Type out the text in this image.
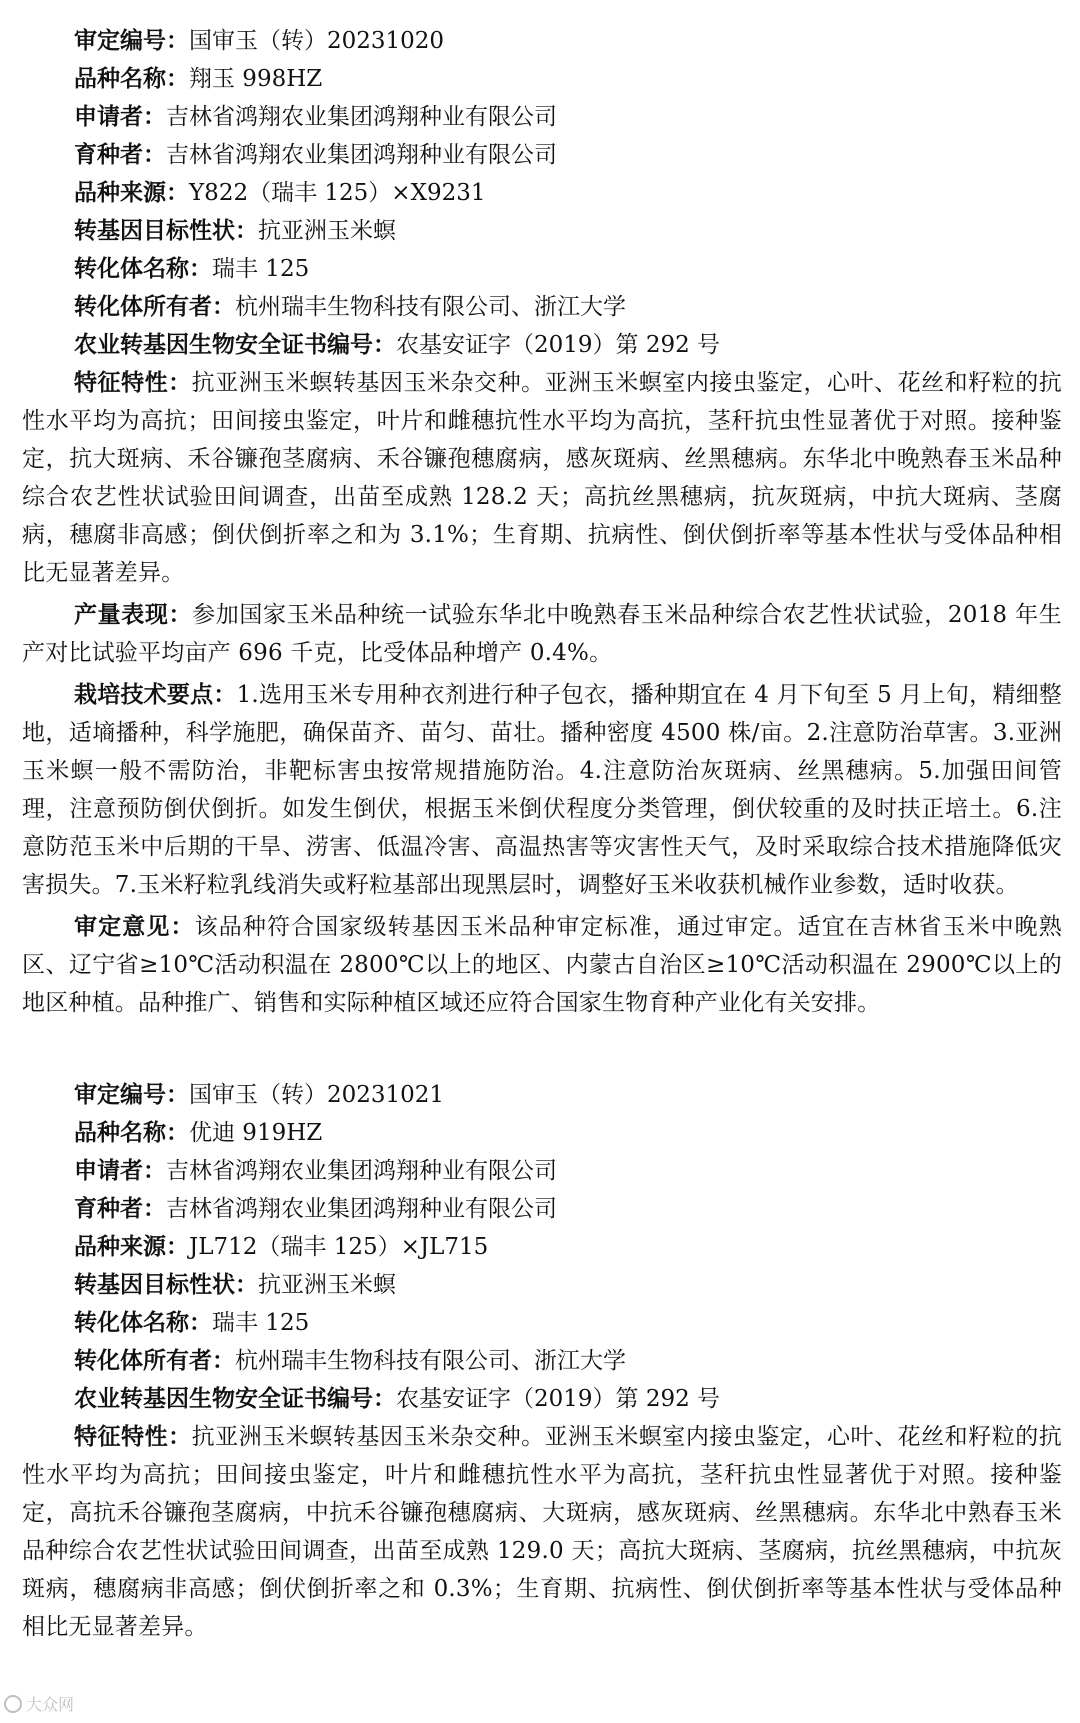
审定编号：国审玉（转）20231020
品种名称：翔玉 998HZ
申请者：吉林省鸿翔农业集团鸿翔种业有限公司
育种者：吉林省鸿翔农业集团鸿翔种业有限公司
品种来源：Y822（瑞丰 125）×X9231
转基因目标性状：抗亚洲玉米螟
转化体名称：瑞丰 125
转化体所有者：杭州瑞丰生物科技有限公司、浙江大学
农业转基因生物安全证书编号：农基安证字（2019）第 292 号

特征特性：抗亚洲玉米螟转基因玉米杂交种。亚洲玉米螟室内接虫鉴定，心叶、花丝和籽粒的抗性水平均为高抗；田间接虫鉴定，叶片和雌穗抗性水平均为高抗，茎秆抗虫性显著优于对照。接种鉴定，抗大斑病、禾谷镰孢茎腐病、禾谷镰孢穗腐病，感灰斑病、丝黑穗病。东华北中晚熟春玉米品种综合农艺性状试验田间调查，出苗至成熟 128.2 天；高抗丝黑穗病，抗灰斑病，中抗大斑病、茎腐病，穗腐非高感；倒伏倒折率之和为 3.1%；生育期、抗病性、倒伏倒折率等基本性状与受体品种相比无显著差异。

产量表现：参加国家玉米品种统一试验东华北中晚熟春玉米品种综合农艺性状试验，2018 年生产对比试验平均亩产 696 千克，比受体品种增产 0.4%。

栽培技术要点：1.选用玉米专用种衣剂进行种子包衣，播种期宜在 4 月下旬至 5 月上旬，精细整地，适墒播种，科学施肥，确保苗齐、苗匀、苗壮。播种密度 4500 株/亩。2.注意防治草害。3.亚洲玉米螟一般不需防治，非靶标害虫按常规措施防治。4.注意防治灰斑病、丝黑穗病。5.加强田间管理，注意预防倒伏倒折。如发生倒伏，根据玉米倒伏程度分类管理，倒伏较重的及时扶正培土。6.注意防范玉米中后期的干旱、涝害、低温冷害、高温热害等灾害性天气，及时采取综合技术措施降低灾害损失。7.玉米籽粒乳线消失或籽粒基部出现黑层时，调整好玉米收获机械作业参数，适时收获。

审定意见：该品种符合国家级转基因玉米品种审定标准，通过审定。适宜在吉林省玉米中晚熟区、辽宁省≥10℃活动积温在 2800℃以上的地区、内蒙古自治区≥10℃活动积温在 2900℃以上的地区种植。品种推广、销售和实际种植区域还应符合国家生物育种产业化有关安排。

审定编号：国审玉（转）20231021
品种名称：优迪 919HZ
申请者：吉林省鸿翔农业集团鸿翔种业有限公司
育种者：吉林省鸿翔农业集团鸿翔种业有限公司
品种来源：JL712（瑞丰 125）×JL715
转基因目标性状：抗亚洲玉米螟
转化体名称：瑞丰 125
转化体所有者：杭州瑞丰生物科技有限公司、浙江大学
农业转基因生物安全证书编号：农基安证字（2019）第 292 号

特征特性：抗亚洲玉米螟转基因玉米杂交种。亚洲玉米螟室内接虫鉴定，心叶、花丝和籽粒的抗性水平均为高抗；田间接虫鉴定，叶片和雌穗抗性水平为高抗，茎秆抗虫性显著优于对照。接种鉴定，高抗禾谷镰孢茎腐病，中抗禾谷镰孢穗腐病、大斑病，感灰斑病、丝黑穗病。东华北中熟春玉米品种综合农艺性状试验田间调查，出苗至成熟 129.0 天；高抗大斑病、茎腐病，抗丝黑穗病，中抗灰斑病，穗腐病非高感；倒伏倒折率之和 0.3%；生育期、抗病性、倒伏倒折率等基本性状与受体品种相比无显著差异。

大众网
